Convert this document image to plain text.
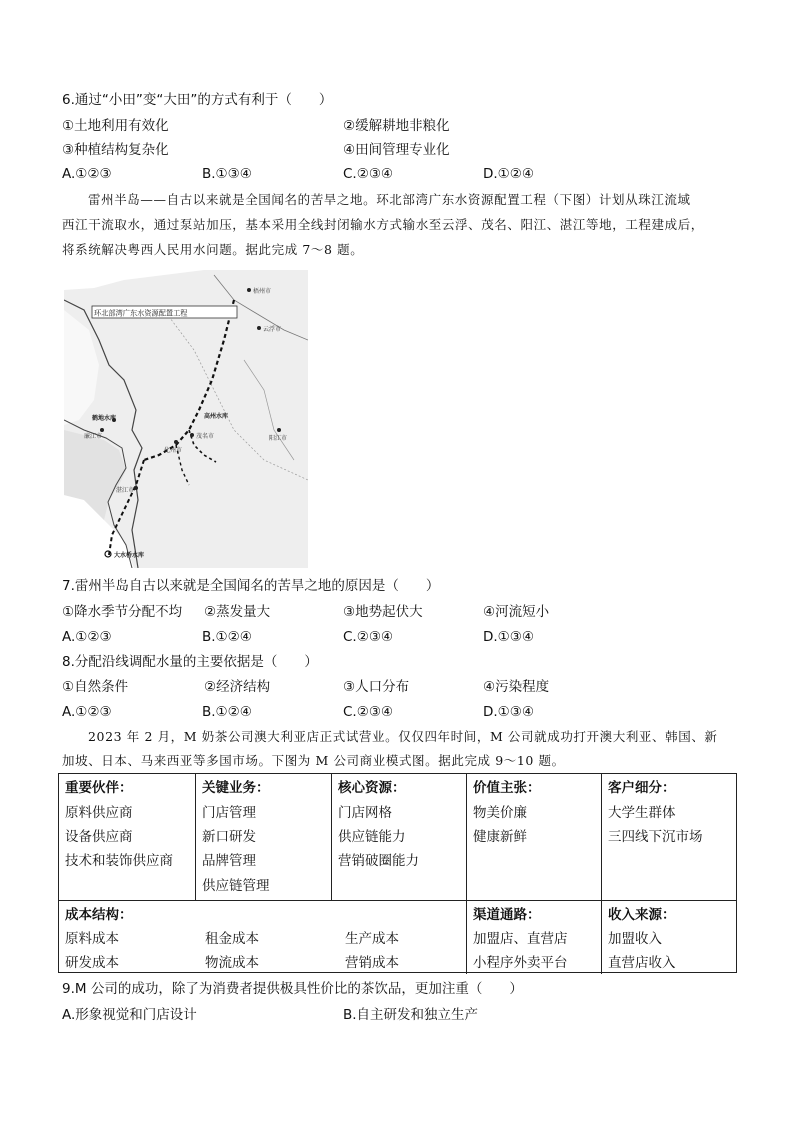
6.通过“小田”变“大田”的方式有利于（　　）
①土地利用有效化	②缓解耕地非粮化
③种植结构复杂化	④田间管理专业化
A.①②③	B.①③④	C.②③④	D.①②④
雷州半岛——自古以来就是全国闻名的苦旱之地。环北部湾广东水资源配置工程（下图）计划从珠江流域
西江干流取水，通过泵站加压，基本采用全线封闭输水方式输水至云浮、茂名、阳江、湛江等地，工程建成后，
将系统解决粤西人民用水问题。据此完成 7～8 题。
环北部湾广东水资源配置工程
梧州市
云浮市
茂名市	阳江市
湛江市
化州市
廉江市
鹤地水库	高州水库
大水桥水库
7.雷州半岛自古以来就是全国闻名的苦旱之地的原因是（　　）
①降水季节分配不均 ②蒸发量大	③地势起伏大	④河流短小
A.①②③	B.①②④	C.②③④	D.①③④
8.分配沿线调配水量的主要依据是（　　）
①自然条件	②经济结构	③人口分布	④污染程度
A.①②③	B.①②④	C.②③④	D.①③④
2023 年 2 月，M 奶茶公司澳大利亚店正式试营业。仅仅四年时间，M 公司就成功打开澳大利亚、韩国、新
加坡、日本、马来西亚等多国市场。下图为 M 公司商业模式图。据此完成 9～10 题。
重要伙伴：
原料供应商
设备供应商
技术和装饰供应商
关键业务：
门店管理
新口研发
品牌管理
供应链管理
核心资源：
门店网格
供应链能力
营销破圈能力
价值主张：
物美价廉
健康新鲜
客户细分：
大学生群体
三四线下沉市场
成本结构：
原料成本	租金成本	生产成本
研发成本	物流成本	营销成本
渠道通路：
加盟店、直营店
小程序外卖平台
收入来源：
加盟收入
直营店收入
9.M 公司的成功，除了为消费者提供极具性价比的茶饮品，更加注重（　　）
A.形象视觉和门店设计	B.自主研发和独立生产
